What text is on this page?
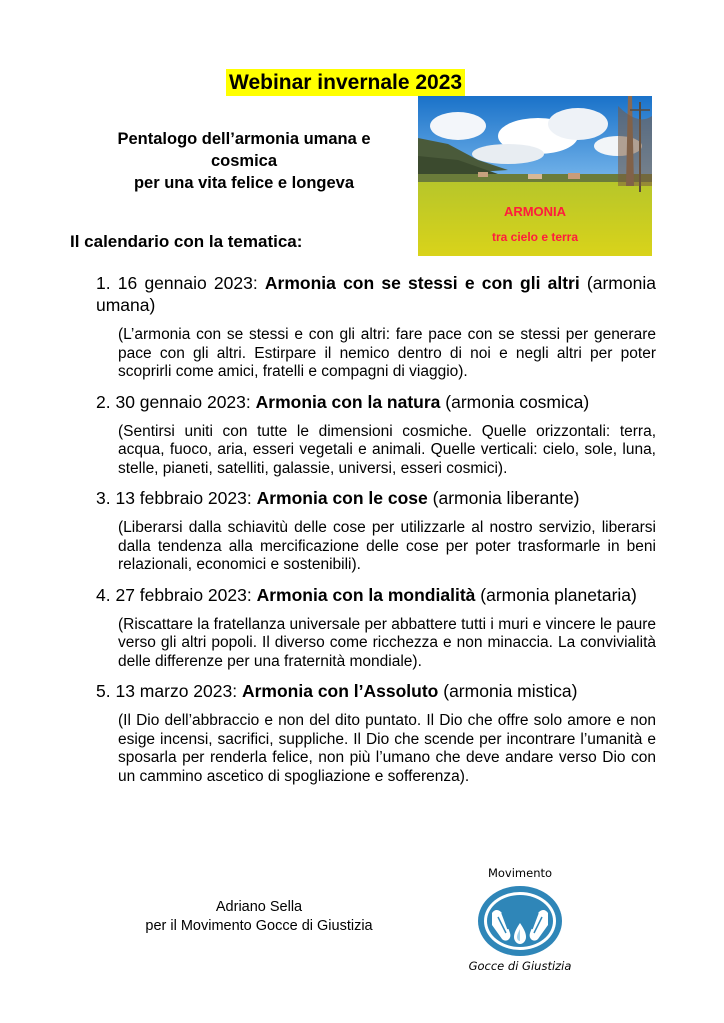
Webinar invernale 2023
Pentalogo dell’armonia umana e
cosmica
per una vita felice e longeva
ARMONIA
tra cielo e terra
Il calendario con la tematica:
1. 16 gennaio 2023: Armonia con se stessi e con gli altri (armonia umana)
(L’armonia con se stessi e con gli altri: fare pace con se stessi per generare pace con gli altri. Estirpare il nemico dentro di noi e negli altri per poter scoprirli come amici, fratelli e compagni di viaggio).
2. 30 gennaio 2023: Armonia con la natura (armonia cosmica)
(Sentirsi uniti con tutte le dimensioni cosmiche. Quelle orizzontali: terra, acqua, fuoco, aria, esseri vegetali e animali. Quelle verticali: cielo, sole, luna, stelle, pianeti, satelliti, galassie, universi, esseri cosmici).
3. 13 febbraio 2023: Armonia con le cose (armonia liberante)
(Liberarsi dalla schiavitù delle cose per utilizzarle al nostro servizio, liberarsi dalla tendenza alla mercificazione delle cose per poter trasformarle in beni relazionali, economici e sostenibili).
4. 27 febbraio 2023: Armonia con la mondialità (armonia planetaria)
(Riscattare la fratellanza universale per abbattere tutti i muri e vincere le paure verso gli altri popoli. Il diverso come ricchezza e non minaccia. La convivialità delle differenze per una fraternità mondiale).
5. 13 marzo 2023: Armonia con l’Assoluto (armonia mistica)
(Il Dio dell’abbraccio e non del dito puntato. Il Dio che offre solo amore e non esige incensi, sacrifici, suppliche. Il Dio che scende per incontrare l’umanità e sposarla per renderla felice, non più l’umano che deve andare verso Dio con un cammino ascetico di spogliazione e sofferenza).
Adriano Sella
per il Movimento Gocce di Giustizia
Movimento
Gocce di Giustizia
